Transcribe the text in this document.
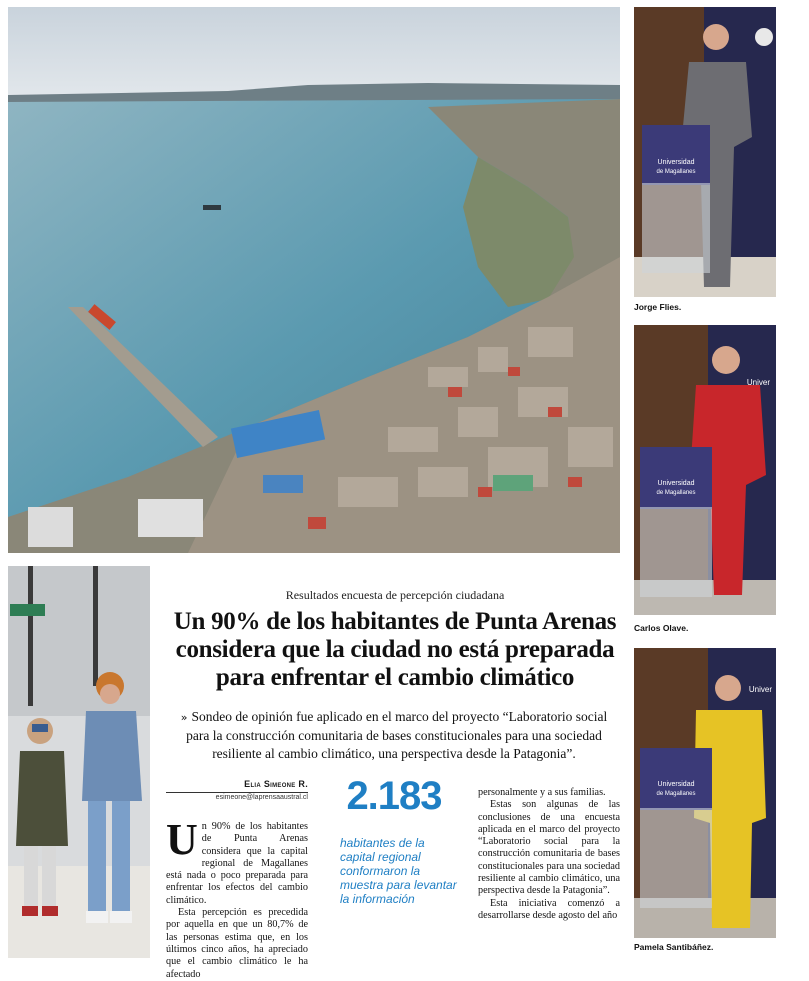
Universidad
de Magallanes
Jorge Flies.
Universidad
de Magallanes
Univer
Carlos Olave.
Universidad
de Magallanes
Univer
Pamela Santibáñez.
Resultados encuesta de percepción ciudadana
Un 90% de los habitantes de Punta Arenas considera que la ciudad no está preparada para enfrentar el cambio climático
» Sondeo de opinión fue aplicado en el marco del proyecto “Laboratorio social para la construcción comunitaria de bases constitucionales para una sociedad resiliente al cambio climático, una perspectiva desde la Patagonia”.
Elia Simeone R.
esimeone@laprensaaustral.cl

Un 90% de los habitantes de Punta Arenas considera que la capital regional de Magallanes está nada o poco preparada para enfrentar los efectos del cambio climático.

Esta percepción es precedida por aquella en que un 80,7% de las personas estima que, en los últimos cinco años, ha apreciado que el cambio climático le ha afectado

2.183
habitantes de la capital regional conformaron la muestra para levantar la información

personalmente y a sus familias.

Estas son algunas de las conclusiones de una encuesta aplicada en el marco del proyecto “Laboratorio social para la construcción comunitaria de bases constitucionales para una sociedad resiliente al cambio climático, una perspectiva desde la Patagonia”.

Esta iniciativa comenzó a desarrollarse desde agosto del año
